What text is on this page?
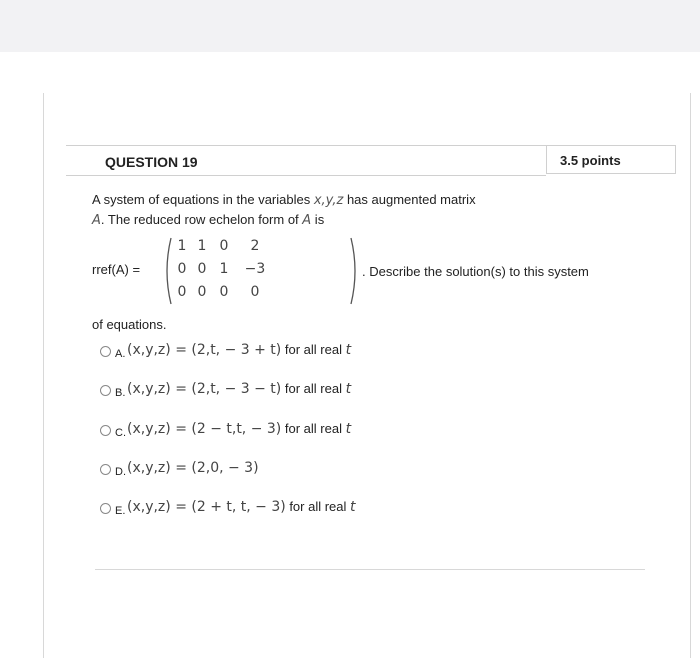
QUESTION 19	3.5 points
A system of equations in the variables x,y,z has augmented matrix
A. The reduced row echelon form of A is
rref(A) =
1 1 0	2
0 0 1	−3
0 0 0	0
. Describe the solution(s) to this system
of equations.
A. (x,y,z) = (2,t, − 3 + t) for all real t
B. (x,y,z) = (2,t, − 3 − t) for all real t
C. (x,y,z) = (2 − t,t, − 3) for all real t
D. (x,y,z) = (2,0, − 3)
E. (x,y,z) = (2 + t, t, − 3) for all real t
